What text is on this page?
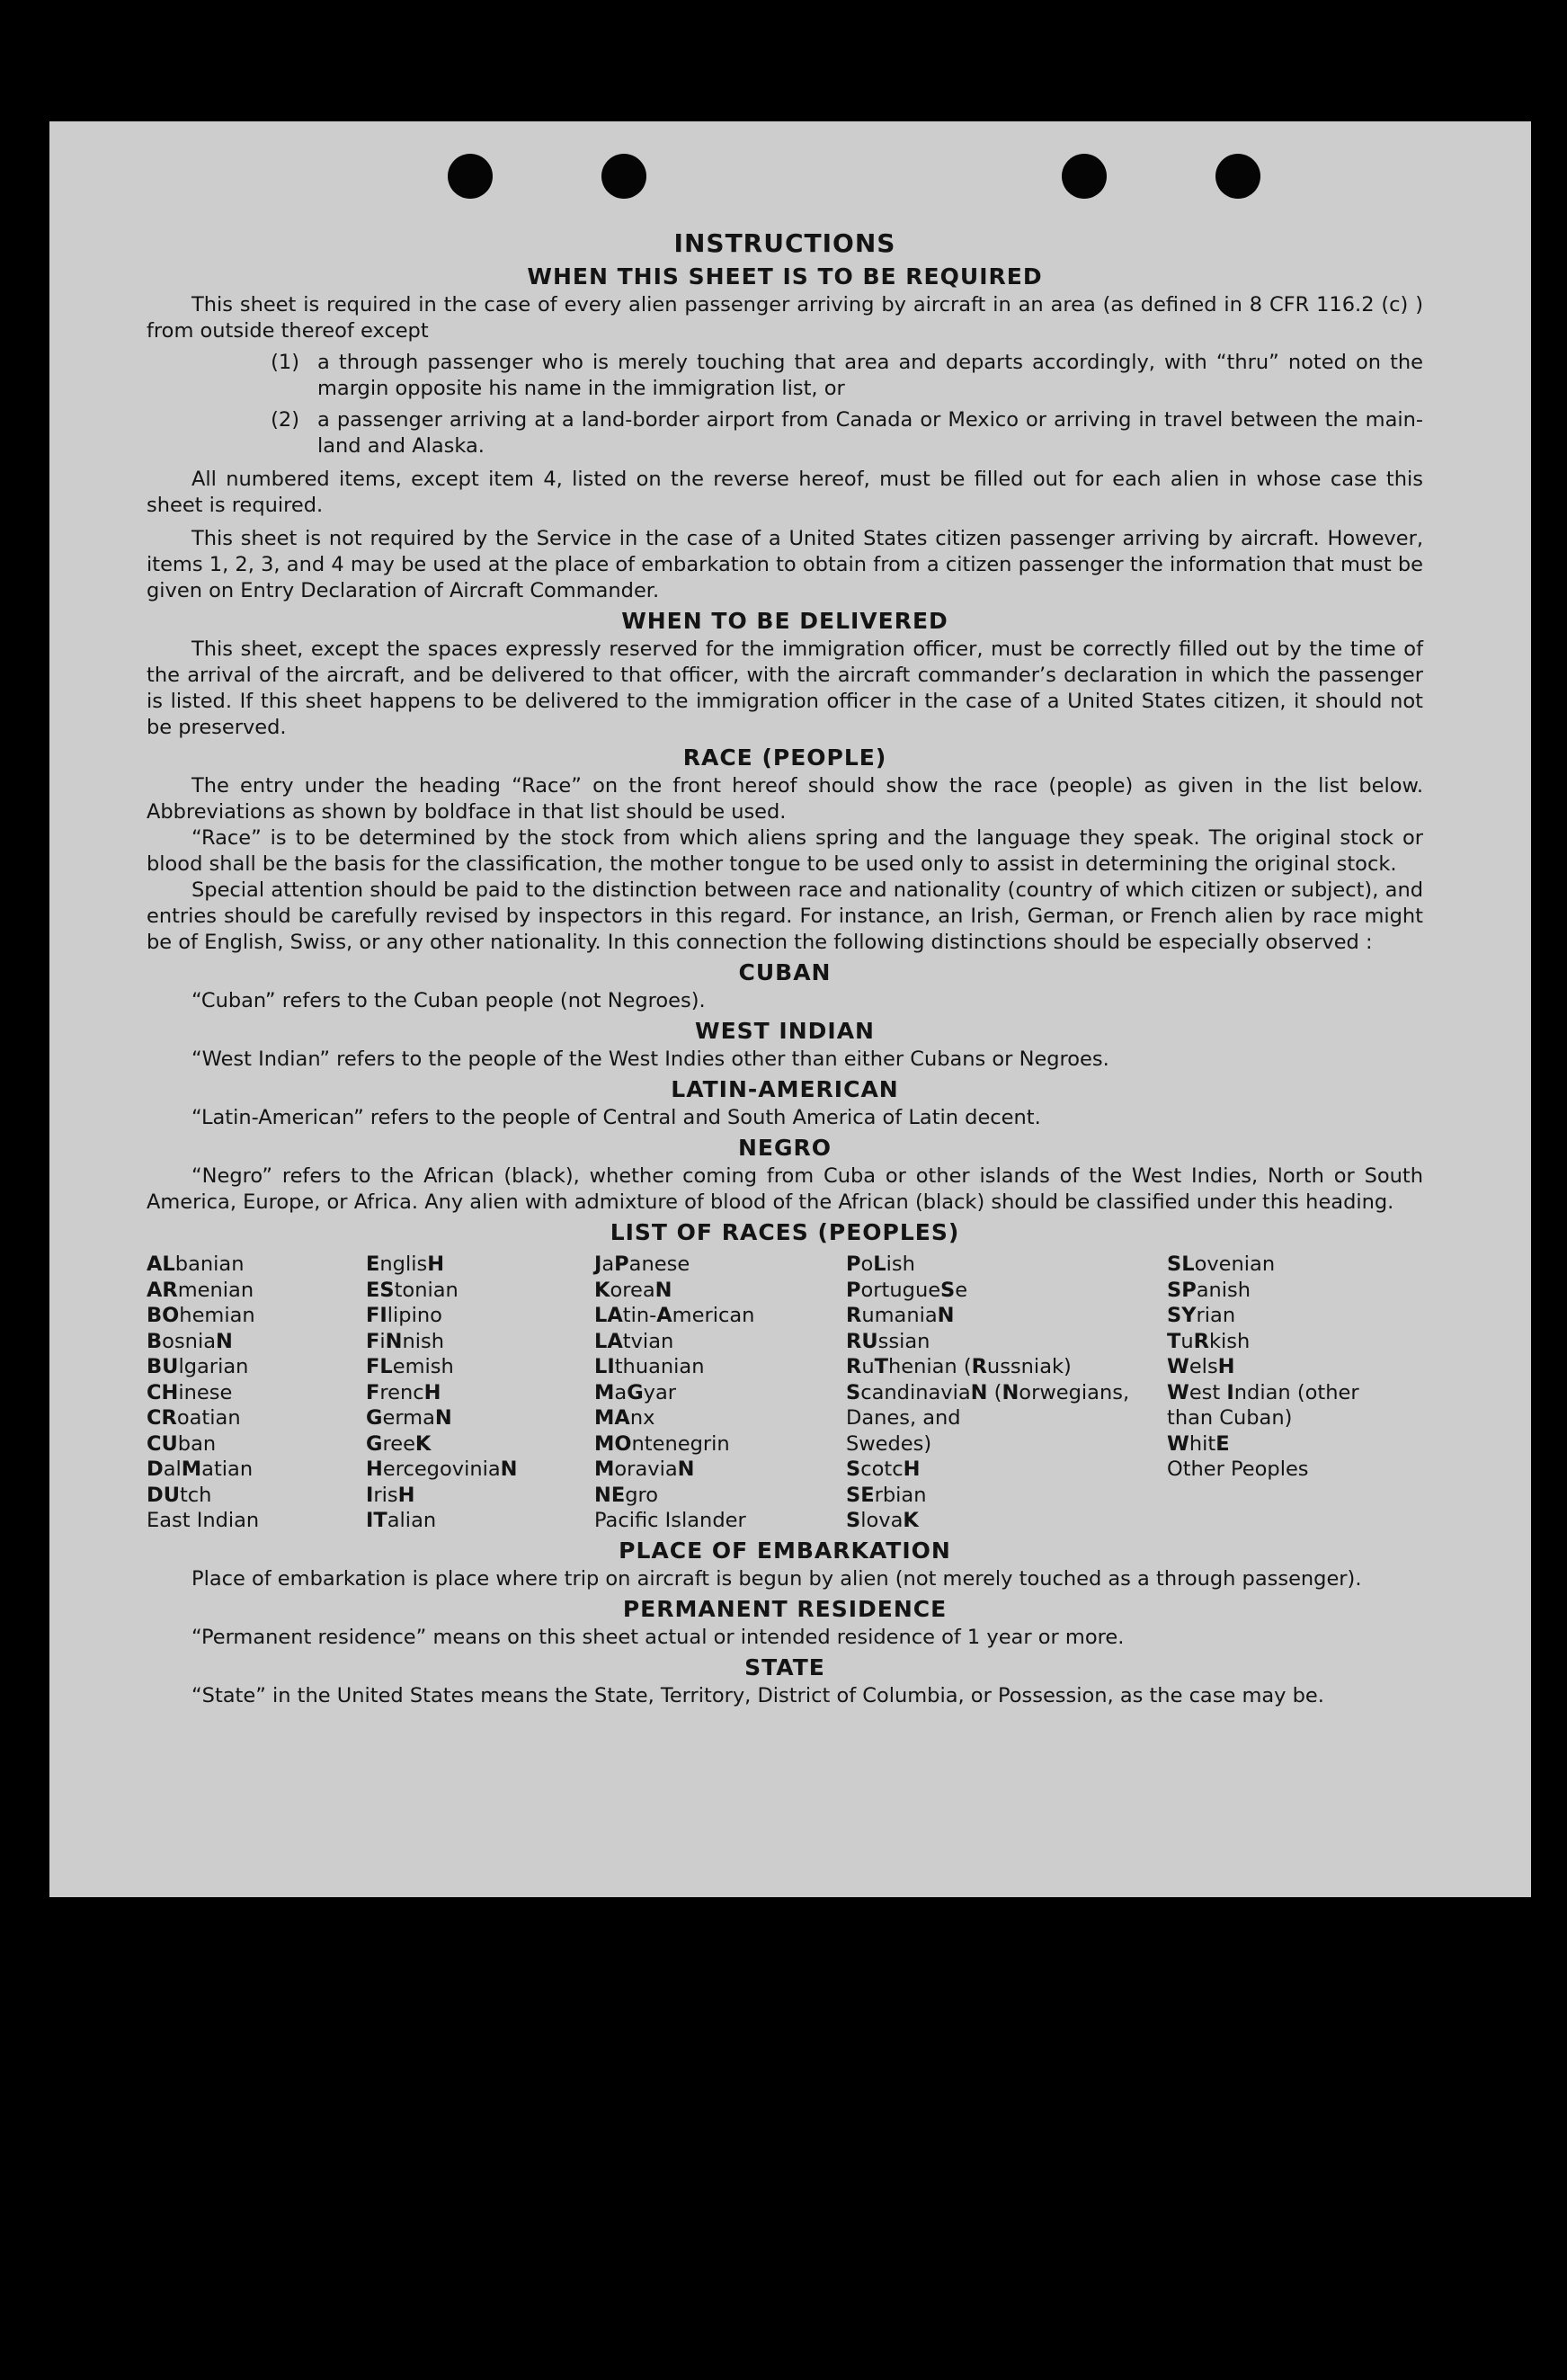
INSTRUCTIONS
WHEN THIS SHEET IS TO BE REQUIRED

This sheet is required in the case of every alien passenger arriving by aircraft in an area (as defined in 8 CFR 116.2 (c) ) from outside thereof except

(1) a through passenger who is merely touching that area and departs accordingly, with “thru” noted on the margin opposite his name in the immigration list, or
(2) a passenger arriving at a land-border airport from Canada or Mexico or arriving in travel between the main-land and Alaska.

All numbered items, except item 4, listed on the reverse hereof, must be filled out for each alien in whose case this sheet is required.

This sheet is not required by the Service in the case of a United States citizen passenger arriving by aircraft. However, items 1, 2, 3, and 4 may be used at the place of embarkation to obtain from a citizen passenger the information that must be given on Entry Declaration of Aircraft Commander.

WHEN TO BE DELIVERED

This sheet, except the spaces expressly reserved for the immigration officer, must be correctly filled out by the time of the arrival of the aircraft, and be delivered to that officer, with the aircraft commander’s declaration in which the passenger is listed. If this sheet happens to be delivered to the immigration officer in the case of a United States citizen, it should not be preserved.

RACE (PEOPLE)

The entry under the heading “Race” on the front hereof should show the race (people) as given in the list below. Abbreviations as shown by boldface in that list should be used.

“Race” is to be determined by the stock from which aliens spring and the language they speak. The original stock or blood shall be the basis for the classification, the mother tongue to be used only to assist in determining the original stock.

Special attention should be paid to the distinction between race and nationality (country of which citizen or subject), and entries should be carefully revised by inspectors in this regard. For instance, an Irish, German, or French alien by race might be of English, Swiss, or any other nationality. In this connection the following distinctions should be especially observed :

CUBAN

“Cuban” refers to the Cuban people (not Negroes).

WEST INDIAN

“West Indian” refers to the people of the West Indies other than either Cubans or Negroes.

LATIN-AMERICAN

“Latin-American” refers to the people of Central and South America of Latin decent.

NEGRO

“Negro” refers to the African (black), whether coming from Cuba or other islands of the West Indies, North or South America, Europe, or Africa. Any alien with admixture of blood of the African (black) should be classified under this heading.

LIST OF RACES (PEOPLES)
ALbanian
ARmenian
BOhemian
BosniaN
BUlgarian
CHinese
CRoatian
CUban
DalMatian
DUtch
East Indian
EnglisH
EStonian
FIlipino
FiNnish
FLemish
FrencH
GermaN
GreeK
HercegoviniaN
IrisH
ITalian
JaPanese
KoreaN
LAtin-American
LAtvian
LIthuanian
MaGyar
MAnx
MOntenegrin
MoraviaN
NEgro
Pacific Islander
PoLish
PortugueSe
RumaniaN
RUssian
RuThenian (Russniak)
ScandinaviaN (Norwegians,
Danes, and
Swedes)
ScotcH
SErbian
SlovaK
SLovenian
SPanish
SYrian
TuRkish
WelsH
West Indian (other
than Cuban)
WhitE
Other Peoples
PLACE OF EMBARKATION

Place of embarkation is place where trip on aircraft is begun by alien (not merely touched as a through passenger).

PERMANENT RESIDENCE

“Permanent residence” means on this sheet actual or intended residence of 1 year or more.

STATE

“State” in the United States means the State, Territory, District of Columbia, or Possession, as the case may be.
